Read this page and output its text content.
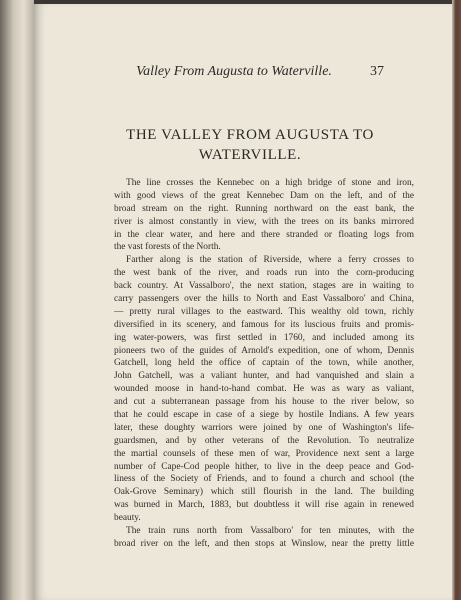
Valley From Augusta to Waterville.	37
THE VALLEY FROM AUGUSTA TO
WATERVILLE.
The line crosses the Kennebec on a high bridge of stone and iron,
with good views of the great Kennebec Dam on the left, and of the
broad stream on the right. Running northward on the east bank, the
river is almost constantly in view, with the trees on its banks mirrored
in the clear water, and here and there stranded or floating logs from
the vast forests of the North.
Farther along is the station of Riverside, where a ferry crosses to
the west bank of the river, and roads run into the corn-producing
back country. At Vassalboro', the next station, stages are in waiting to
carry passengers over the hills to North and East Vassalboro' and China,
— pretty rural villages to the eastward. This wealthy old town, richly
diversified in its scenery, and famous for its luscious fruits and promis-
ing water-powers, was first settled in 1760, and included among its
pioneers two of the guides of Arnold's expedition, one of whom, Dennis
Gatchell, long held the office of captain of the town, while another,
John Gatchell, was a valiant hunter, and had vanquished and slain a
wounded moose in hand-to-hand combat. He was as wary as valiant,
and cut a subterranean passage from his house to the river below, so
that he could escape in case of a siege by hostile Indians. A few years
later, these doughty warriors were joined by one of Washington's life-
guardsmen, and by other veterans of the Revolution. To neutralize
the martial counsels of these men of war, Providence next sent a large
number of Cape-Cod people hither, to live in the deep peace and God-
liness of the Society of Friends, and to found a church and school (the
Oak-Grove Seminary) which still flourish in the land. The building
was burned in March, 1883, but doubtless it will rise again in renewed
beauty.
The train runs north from Vassalboro' for ten minutes, with the
broad river on the left, and then stops at Winslow, near the pretty little
